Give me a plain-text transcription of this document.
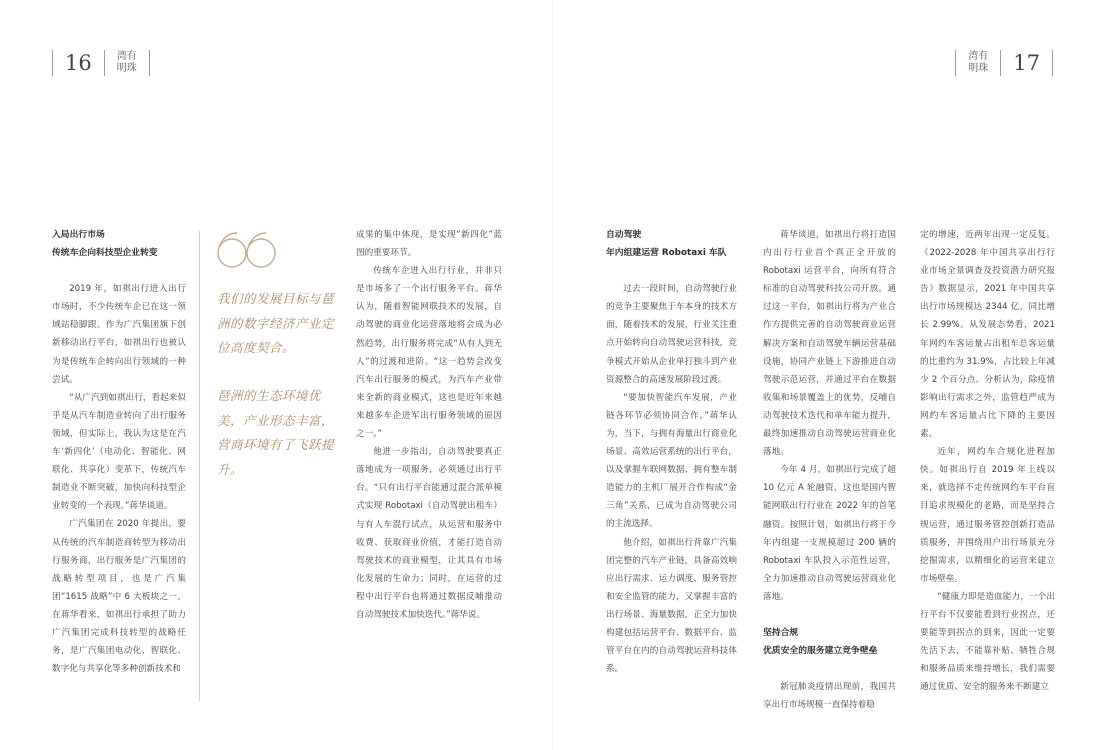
16	湾有
明珠
湾有
明珠	17

入局出行市场

传统车企向科技型企业转变

2019 年，如祺出行进入出行市场时，不少传统车企已在这一领域站稳脚跟。作为广汽集团旗下创新移动出行平台，如祺出行也被认为是传统车企转向出行领域的一种尝试。

“从广汽到如祺出行，看起来似乎是从汽车制造业转向了出行服务领域，但实际上，我认为这是在汽车‘新四化’（电动化、智能化、网联化、共享化）变革下，传统汽车制造业不断突破，加快向科技型企业转变的一个表现。”蒋华谈道。

广汽集团在 2020 年提出，要从传统的汽车制造商转型为移动出行服务商，出行服务是广汽集团的战略转型项目，也是广汽集团“1615 战略”中 6 大板块之一。在蒋华看来，如祺出行承担了助力广汽集团完成科技转型的战略任务，是广汽集团电动化、智联化、数字化与共享化等多种创新技术和

我们的发展目标与琶洲的数字经济产业定位高度契合。
琶洲的生态环境优美，产业形态丰富，营商环境有了飞跃提升。

成果的集中体现，是实现“新四化”蓝图的重要环节。

传统车企进入出行行业，并非只是市场多了一个出行服务平台。蒋华认为，随着智能网联技术的发展，自动驾驶的商业化运营落地将会成为必然趋势，出行服务将完成“从有人到无人”的过渡和进阶。“这一趋势会改变汽车出行服务的模式，为汽车产业带来全新的商业模式，这也是近年来越来越多车企进军出行服务领域的原因之一。”

他进一步指出，自动驾驶要真正落地成为一项服务，必须通过出行平台。“只有出行平台能通过混合派单模式实现 Robotaxi（自动驾驶出租车）与有人车混行试点，从运营和服务中收费、获取商业价值，才能打造自动驾驶技术的商业模型，让其具有市场化发展的生命力；同时，在运营的过程中出行平台也将通过数据反哺推动自动驾驶技术加快迭代。”蒋华说。

自动驾驶

年内组建运营 Robotaxi 车队

过去一段时间，自动驾驶行业的竞争主要聚焦于车本身的技术方面，随着技术的发展，行业关注重点开始转向自动驾驶运营科技，竞争模式开始从企业单打独斗到产业资源整合的高速发展阶段过渡。

“要加快智能汽车发展，产业链各环节必须协同合作。”蒋华认为，当下，与拥有海量出行商业化场景、高效运营系统的出行平台，以及掌握车联网数据、拥有整车制造能力的主机厂展开合作构成“金三角”关系，已成为自动驾驶公司的主流选择。

他介绍，如祺出行背靠广汽集团完整的汽车产业链，具备高效响应出行需求、运力调度、服务管控和安全监管的能力，又掌握丰富的出行场景、海量数据，正全力加快构建包括运营平台、数据平台、监管平台在内的自动驾驶运营科技体系。

蒋华谈道，如祺出行将打造国内出行行业首个真正全开放的 Robotaxi 运营平台，向所有符合标准的自动驾驶科技公司开放。通过这一平台，如祺出行将为产业合作方提供完善的自动驾驶商业运营解决方案和自动驾驶车辆运营基础设施，协同产业链上下游推进自动驾驶示范运营，并通过平台在数据收集和场景覆盖上的优势，反哺自动驾驶技术迭代和单车能力提升，最终加速推动自动驾驶运营商业化落地。

今年 4 月，如祺出行完成了超 10 亿元 A 轮融资，这也是国内智能网联出行行业在 2022 年的首笔融资。按照计划，如祺出行将于今年内组建一支规模超过 200 辆的 Robotaxi 车队投入示范性运营，全力加速推动自动驾驶运营商业化落地。

坚持合规

优质安全的服务建立竞争壁垒

新冠肺炎疫情出现前，我国共享出行市场规模一直保持着稳

定的增速，近两年出现一定反复。《2022-2028 年中国共享出行行业市场全景调查及投资潜力研究报告》数据显示，2021 年中国共享出行市场规模达 2344 亿，同比增长 2.99%。从发展态势看，2021 年网约车客运量占出租车总客运量的比重约为 31.9%，占比较上年减少 2 个百分点。分析认为，除疫情影响出行需求之外，监管趋严成为网约车客运量占比下降的主要因素。

近年，网约车合规化进程加快。如祺出行自 2019 年上线以来，就选择不走传统网约车平台盲目追求规模化的老路，而是坚持合规运营，通过服务管控创新打造品质服务，并围绕用户出行场景充分挖掘需求，以精细化的运营来建立市场壁垒。

“健康力即是造血能力，一个出行平台不仅要能看到行业拐点，还要能等到拐点的到来，因此一定要先活下去，不能靠补贴、牺牲合规和服务品质来维持增长，我们需要通过优质、安全的服务来不断建立
